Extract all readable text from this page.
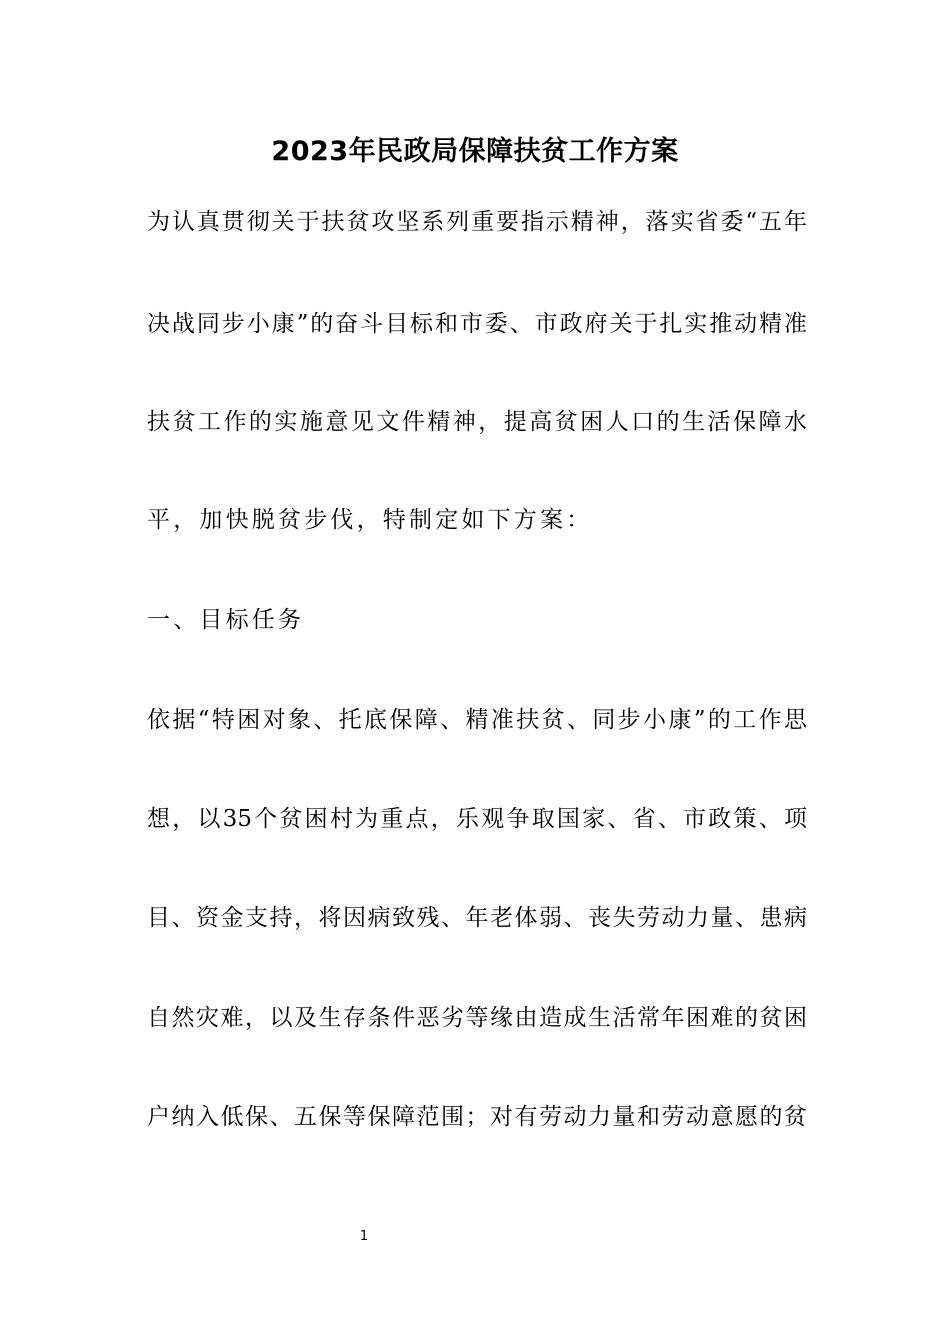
2023年民政局保障扶贫工作方案
为认真贯彻关于扶贫攻坚系列重要指示精神，落实省委“五年
决战同步小康”的奋斗目标和市委、市政府关于扎实推动精准
扶贫工作的实施意见文件精神，提高贫困人口的生活保障水
平，加快脱贫步伐，特制定如下方案：
一、目标任务
依据“特困对象、托底保障、精准扶贫、同步小康”的工作思
想，以35个贫困村为重点，乐观争取国家、省、市政策、项
目、资金支持，将因病致残、年老体弱、丧失劳动力量、患病
自然灾难，以及生存条件恶劣等缘由造成生活常年困难的贫困
户纳入低保、五保等保障范围；对有劳动力量和劳动意愿的贫
1
